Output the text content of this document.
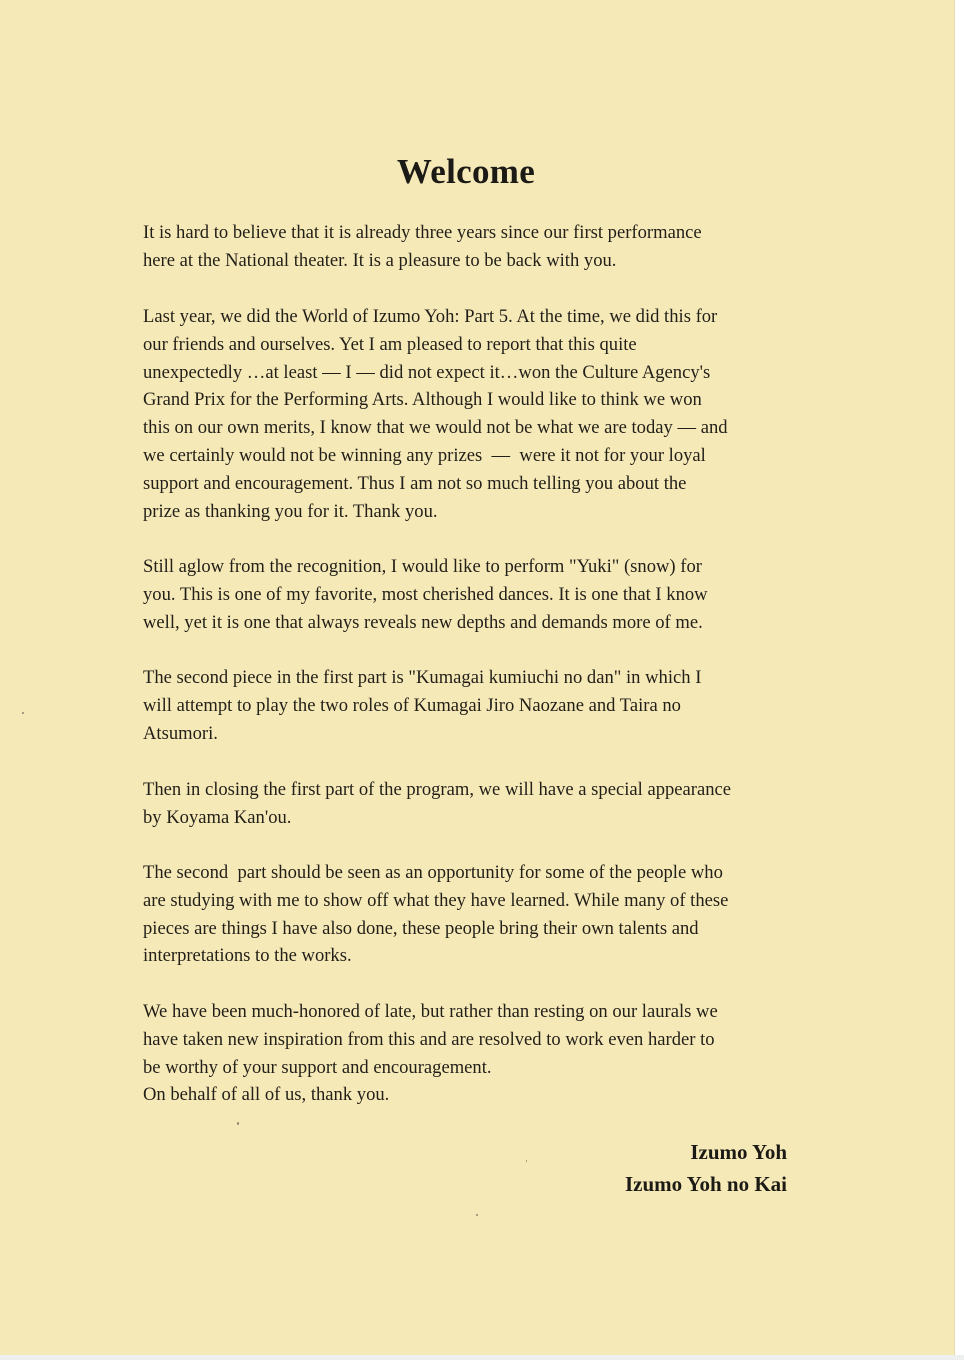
Welcome

It is hard to believe that it is already three years since our first performance
here at the National theater. It is a pleasure to be back with you.

Last year, we did the World of Izumo Yoh: Part 5. At the time, we did this for
our friends and ourselves. Yet I am pleased to report that this quite
unexpectedly …at least — I — did not expect it…won the Culture Agency's
Grand Prix for the Performing Arts. Although I would like to think we won
this on our own merits, I know that we would not be what we are today — and
we certainly would not be winning any prizes  —  were it not for your loyal
support and encouragement. Thus I am not so much telling you about the
prize as thanking you for it. Thank you.

Still aglow from the recognition, I would like to perform "Yuki" (snow) for
you. This is one of my favorite, most cherished dances. It is one that I know
well, yet it is one that always reveals new depths and demands more of me.

The second piece in the first part is "Kumagai kumiuchi no dan" in which I
will attempt to play the two roles of Kumagai Jiro Naozane and Taira no
Atsumori.

Then in closing the first part of the program, we will have a special appearance
by Koyama Kan'ou.

The second  part should be seen as an opportunity for some of the people who
are studying with me to show off what they have learned. While many of these
pieces are things I have also done, these people bring their own talents and
interpretations to the works.

We have been much-honored of late, but rather than resting on our laurals we
have taken new inspiration from this and are resolved to work even harder to
be worthy of your support and encouragement.
On behalf of all of us, thank you.

Izumo Yoh

Izumo Yoh no Kai
